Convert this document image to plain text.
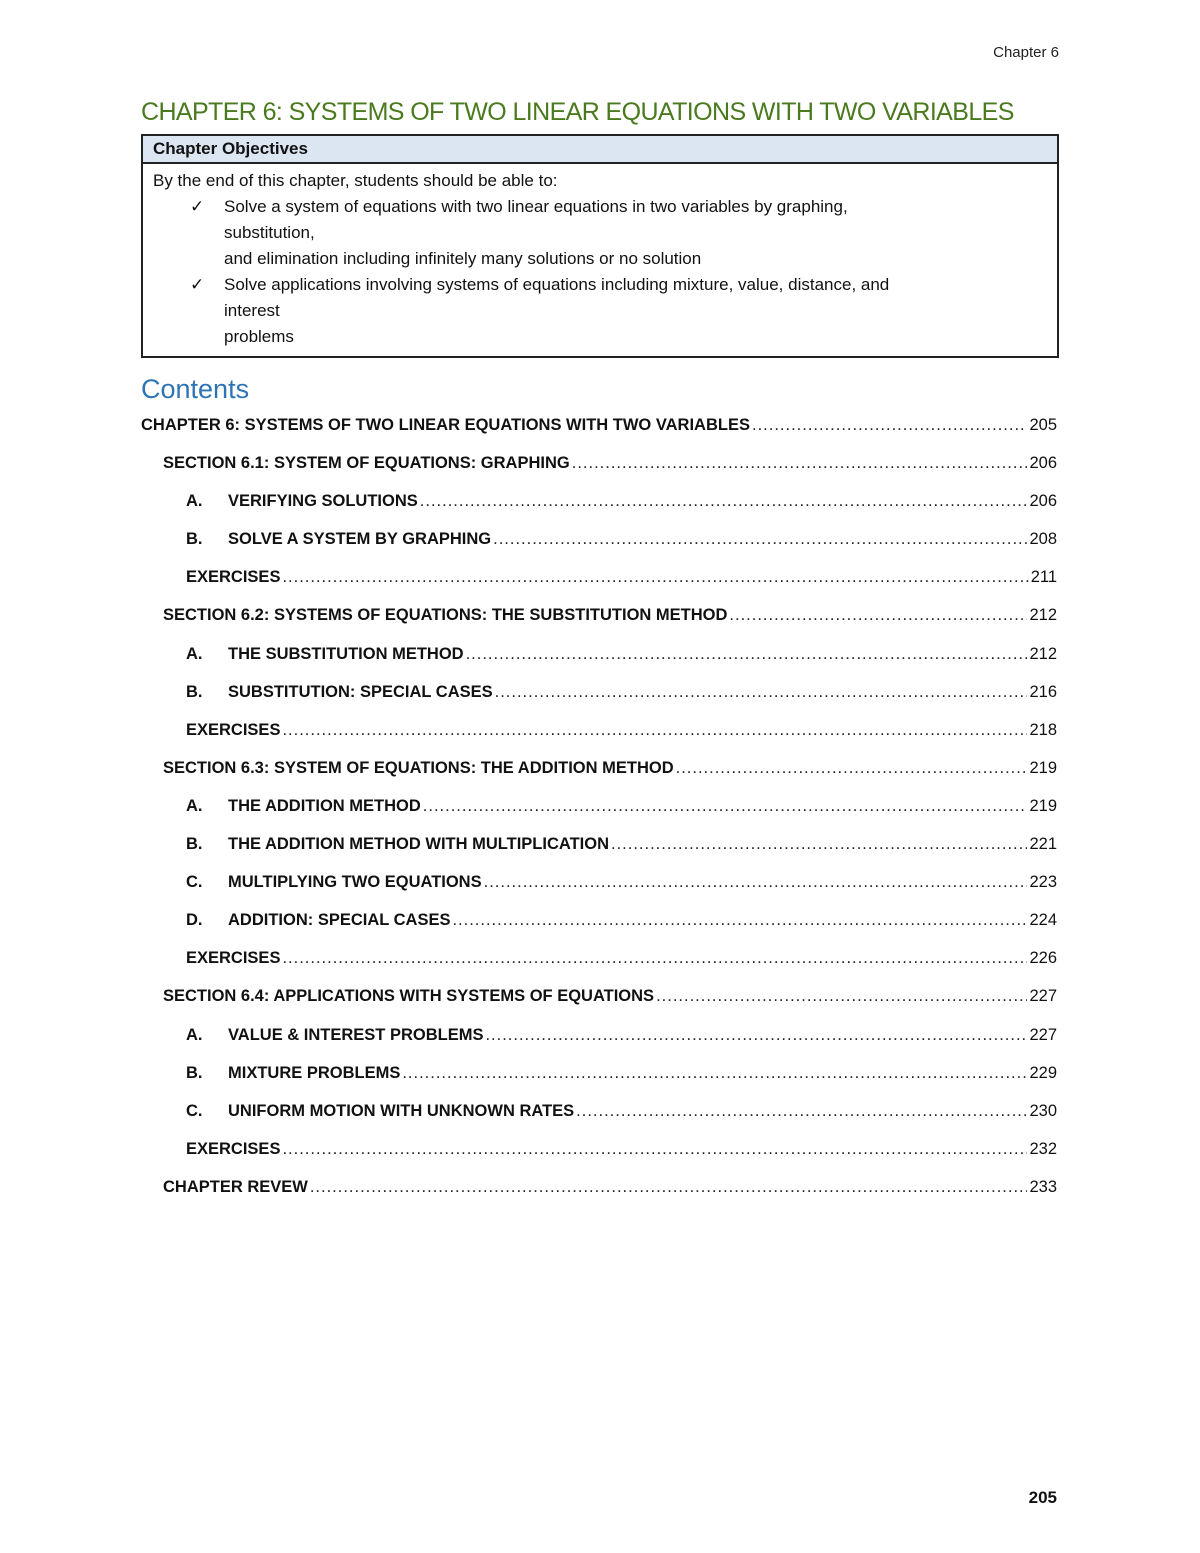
Chapter 6
CHAPTER 6: SYSTEMS OF TWO LINEAR EQUATIONS WITH TWO VARIABLES
Chapter Objectives
By the end of this chapter, students should be able to:
✓ Solve a system of equations with two linear equations in two variables by graphing,
substitution,
and elimination including infinitely many solutions or no solution
✓ Solve applications involving systems of equations including mixture, value, distance, and
interest
problems
Contents
CHAPTER 6: SYSTEMS OF TWO LINEAR EQUATIONS WITH TWO VARIABLES .....	205
SECTION 6.1: SYSTEM OF EQUATIONS: GRAPHING .....	206
A.	VERIFYING SOLUTIONS .....	206
B.	SOLVE A SYSTEM BY GRAPHING .....	208
EXERCISES .....	211
SECTION 6.2: SYSTEMS OF EQUATIONS: THE SUBSTITUTION METHOD .....	212
A.	THE SUBSTITUTION METHOD .....	212
B.	SUBSTITUTION: SPECIAL CASES .....	216
EXERCISES .....	218
SECTION 6.3: SYSTEM OF EQUATIONS: THE ADDITION METHOD .....	219
A.	THE ADDITION METHOD .....	219
B.	THE ADDITION METHOD WITH MULTIPLICATION .....	221
C.	MULTIPLYING TWO EQUATIONS .....	223
D.	ADDITION: SPECIAL CASES .....	224
EXERCISES .....	226
SECTION 6.4: APPLICATIONS WITH SYSTEMS OF EQUATIONS .....	227
A.	VALUE & INTEREST PROBLEMS .....	227
B.	MIXTURE PROBLEMS .....	229
C.	UNIFORM MOTION WITH UNKNOWN RATES .....	230
EXERCISES .....	232
CHAPTER REVEW .....	233
205
